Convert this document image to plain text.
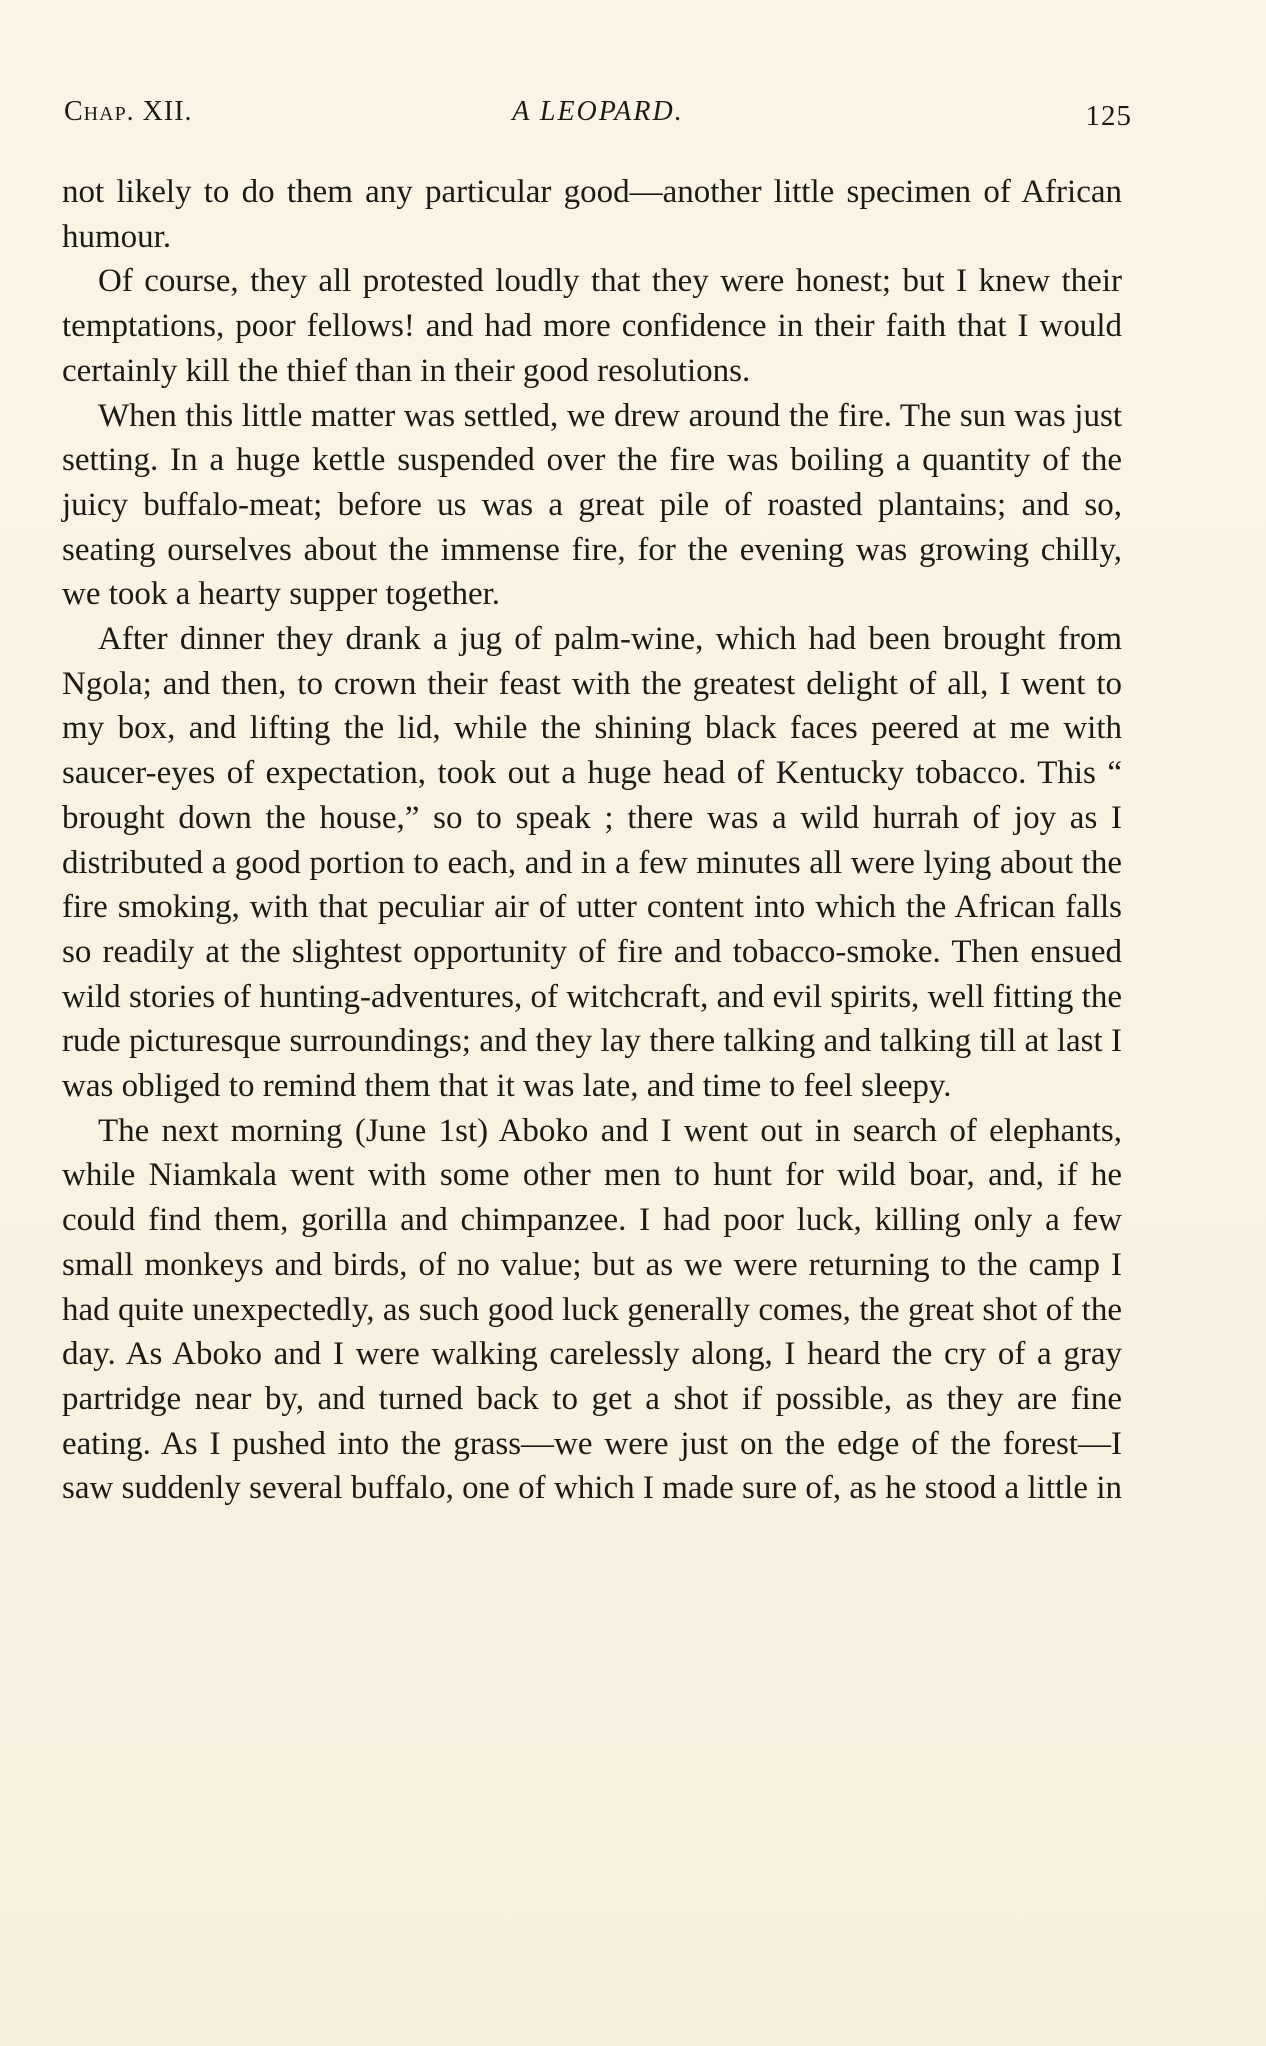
Chap. XII.	A LEOPARD.	125

not likely to do them any particular good—another little specimen of African humour.

Of course, they all protested loudly that they were honest; but I knew their temptations, poor fellows! and had more confidence in their faith that I would certainly kill the thief than in their good resolutions.

When this little matter was settled, we drew around the fire. The sun was just setting. In a huge kettle suspended over the fire was boiling a quantity of the juicy buffalo-meat; before us was a great pile of roasted plantains; and so, seating ourselves about the immense fire, for the evening was growing chilly, we took a hearty supper together.

After dinner they drank a jug of palm-wine, which had been brought from Ngola; and then, to crown their feast with the greatest delight of all, I went to my box, and lifting the lid, while the shining black faces peered at me with saucer-eyes of expectation, took out a huge head of Kentucky tobacco. This “ brought down the house,” so to speak ; there was a wild hurrah of joy as I distributed a good portion to each, and in a few minutes all were lying about the fire smoking, with that peculiar air of utter content into which the African falls so readily at the slightest opportunity of fire and tobacco-smoke. Then ensued wild stories of hunting-adventures, of witchcraft, and evil spirits, well fitting the rude picturesque surroundings; and they lay there talking and talking till at last I was obliged to remind them that it was late, and time to feel sleepy.

The next morning (June 1st) Aboko and I went out in search of elephants, while Niamkala went with some other men to hunt for wild boar, and, if he could find them, gorilla and chimpanzee. I had poor luck, killing only a few small monkeys and birds, of no value; but as we were returning to the camp I had quite unexpectedly, as such good luck generally comes, the great shot of the day. As Aboko and I were walking carelessly along, I heard the cry of a gray partridge near by, and turned back to get a shot if possible, as they are fine eating. As I pushed into the grass—we were just on the edge of the forest—I saw suddenly several buffalo, one of which I made sure of, as he stood a little in
